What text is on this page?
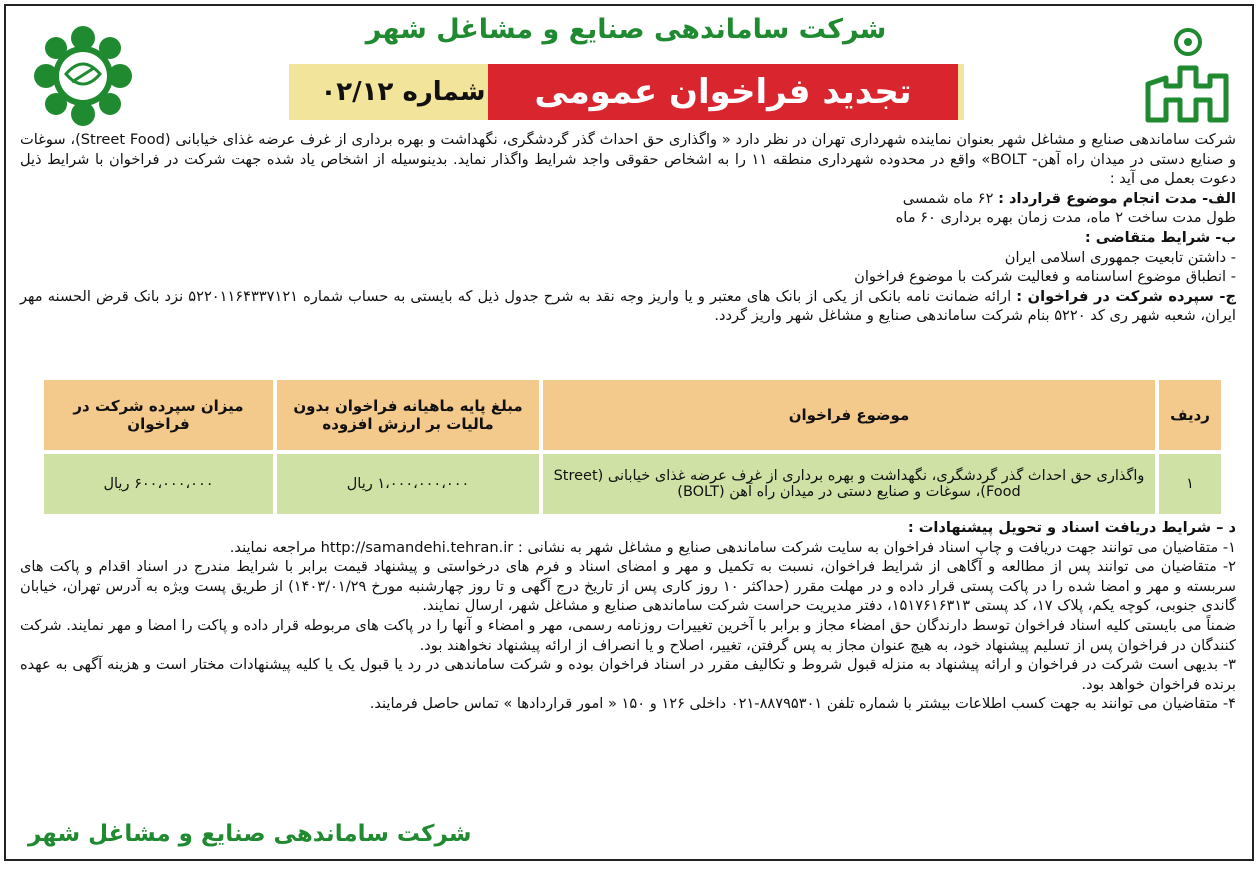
شرکت ساماندهی صنایع و مشاغل شهر
تجدید فراخوان عمومی
شماره ۰۲/۱۲

شرکت ساماندهی صنایع و مشاغل شهر بعنوان نماینده شهرداری تهران در نظر دارد « واگذاری حق احداث گذر گردشگری، نگهداشت و بهره برداری از غرف عرضه غذای خیابانی (Street Food)، سوغات و صنایع دستی در میدان راه آهن- BOLT» واقع در محدوده شهرداری منطقه ۱۱ را به اشخاص حقوقی واجد شرایط واگذار نماید. بدینوسیله از اشخاص یاد شده جهت شرکت در فراخوان با شرایط ذیل دعوت بعمل می آید :

الف- مدت انجام موضوع قرارداد : ۶۲ ماه شمسی

طول مدت ساخت ۲ ماه، مدت زمان بهره برداری ۶۰ ماه

ب- شرایط متقاضی :

- داشتن تابعیت جمهوری اسلامی ایران

- انطباق موضوع اساسنامه و فعالیت شرکت با موضوع فراخوان

ج- سپرده شرکت در فراخوان : ارائه ضمانت نامه بانکی از یکی از بانک های معتبر و یا واریز وجه نقد به شرح جدول ذیل که بایستی به حساب شماره ۵۲۲۰۱۱۶۴۳۳۷۱۲۱ نزد بانک قرض الحسنه مهر ایران، شعبه شهر ری کد ۵۲۲۰ بنام شرکت ساماندهی صنایع و مشاغل شهر واریز گردد.

ردیف	موضوع فراخوان	مبلغ پایه ماهیانه فراخوان بدون مالیات بر ارزش افزوده	میزان سپرده شرکت در فراخوان
۱	واگذاری حق احداث گذر گردشگری، نگهداشت و بهره برداری از غرف عرضه غذای خیابانی (Street Food)، سوغات و صنایع دستی در میدان راه آهن (BOLT)	۱،۰۰۰،۰۰۰،۰۰۰ ریال	۶۰۰،۰۰۰،۰۰۰ ریال

د – شرایط دریافت اسناد و تحویل پیشنهادات :

۱- متقاضیان می توانند جهت دریافت و چاپ اسناد فراخوان به سایت شرکت ساماندهی صنایع و مشاغل شهر به نشانی : http://samandehi.tehran.ir مراجعه نمایند.

۲- متقاضیان می توانند پس از مطالعه و آگاهی از شرایط فراخوان، نسبت به تکمیل و مهر و امضای اسناد و فرم های درخواستی و پیشنهاد قیمت برابر با شرایط مندرج در اسناد اقدام و پاکت های سربسته و مهر و امضا شده را در پاکت پستی قرار داده و در مهلت مقرر (حداکثر ۱۰ روز کاری پس از تاریخ درج آگهی و تا روز چهارشنبه مورخ ۱۴۰۳/۰۱/۲۹) از طریق پست ویژه به آدرس تهران، خیابان گاندی جنوبی، کوچه یکم، پلاک ۱۷، کد پستی ۱۵۱۷۶۱۶۳۱۳، دفتر مدیریت حراست شرکت ساماندهی صنایع و مشاغل شهر، ارسال نمایند.

ضمناً می بایستی کلیه اسناد فراخوان توسط دارندگان حق امضاء مجاز و برابر با آخرین تغییرات روزنامه رسمی، مهر و امضاء و آنها را در پاکت های مربوطه قرار داده و پاکت را امضا و مهر نمایند. شرکت کنندگان در فراخوان پس از تسلیم پیشنهاد خود، به هیچ عنوان مجاز به پس گرفتن، تغییر، اصلاح و یا انصراف از ارائه پیشنهاد نخواهند بود.

۳- بدیهی است شرکت در فراخوان و ارائه پیشنهاد به منزله قبول شروط و تکالیف مقرر در اسناد فراخوان بوده و شرکت ساماندهی در رد یا قبول یک یا کلیه پیشنهادات مختار است و هزینه آگهی به عهده برنده فراخوان خواهد بود.

۴- متقاضیان می توانند به جهت کسب اطلاعات بیشتر با شماره تلفن ۸۸۷۹۵۳۰۱-۰۲۱ داخلی ۱۲۶ و ۱۵۰ « امور قراردادها » تماس حاصل فرمایند.

شرکت ساماندهی صنایع و مشاغل شهر
